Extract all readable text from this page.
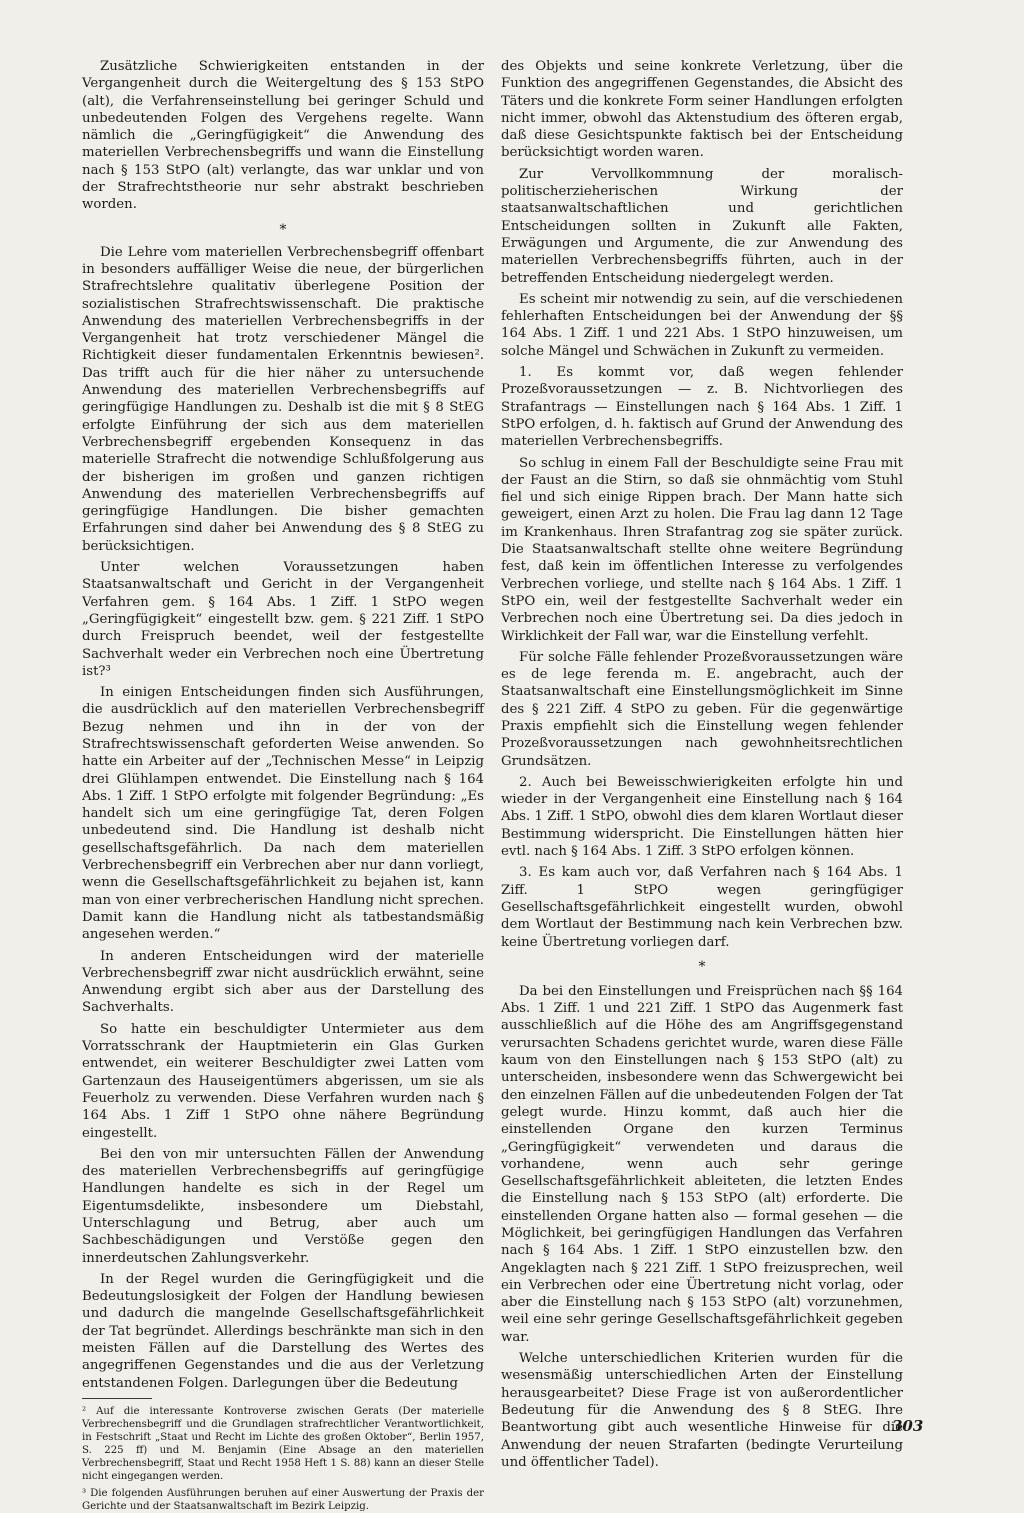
Zusätzliche Schwierigkeiten entstanden in der Vergangenheit durch die Weitergeltung des § 153 StPO (alt), die Verfahrenseinstellung bei geringer Schuld und unbedeutenden Folgen des Vergehens regelte. Wann nämlich die „Geringfügigkeit“ die Anwendung des materiellen Verbrechensbegriffs und wann die Einstellung nach § 153 StPO (alt) verlangte, das war unklar und von der Strafrechtstheorie nur sehr abstrakt beschrieben worden.

*

Die Lehre vom materiellen Verbrechensbegriff offenbart in besonders auffälliger Weise die neue, der bürgerlichen Strafrechtslehre qualitativ überlegene Position der sozialistischen Strafrechtswissenschaft. Die praktische Anwendung des materiellen Verbrechensbegriffs in der Vergangenheit hat trotz verschiedener Mängel die Richtigkeit dieser fundamentalen Erkenntnis bewiesen². Das trifft auch für die hier näher zu untersuchende Anwendung des materiellen Verbrechensbegriffs auf geringfügige Handlungen zu. Deshalb ist die mit § 8 StEG erfolgte Einführung der sich aus dem materiellen Verbrechensbegriff ergebenden Konsequenz in das materielle Strafrecht die notwendige Schlußfolgerung aus der bisherigen im großen und ganzen richtigen Anwendung des materiellen Verbrechensbegriffs auf geringfügige Handlungen. Die bisher gemachten Erfahrungen sind daher bei Anwendung des § 8 StEG zu berücksichtigen.

Unter welchen Voraussetzungen haben Staatsanwaltschaft und Gericht in der Vergangenheit Verfahren gem. § 164 Abs. 1 Ziff. 1 StPO wegen „Geringfügigkeit“ eingestellt bzw. gem. § 221 Ziff. 1 StPO durch Freispruch beendet, weil der festgestellte Sachverhalt weder ein Verbrechen noch eine Übertretung ist?³

In einigen Entscheidungen finden sich Ausführungen, die ausdrücklich auf den materiellen Verbrechensbegriff Bezug nehmen und ihn in der von der Strafrechtswissenschaft geforderten Weise anwenden. So hatte ein Arbeiter auf der „Technischen Messe“ in Leipzig drei Glühlampen entwendet. Die Einstellung nach § 164 Abs. 1 Ziff. 1 StPO erfolgte mit folgender Begründung: „Es handelt sich um eine geringfügige Tat, deren Folgen unbedeutend sind. Die Handlung ist deshalb nicht gesellschaftsgefährlich. Da nach dem materiellen Verbrechensbegriff ein Verbrechen aber nur dann vorliegt, wenn die Gesellschaftsgefährlichkeit zu bejahen ist, kann man von einer verbrecherischen Handlung nicht sprechen. Damit kann die Handlung nicht als tatbestandsmäßig angesehen werden.“

In anderen Entscheidungen wird der materielle Verbrechensbegriff zwar nicht ausdrücklich erwähnt, seine Anwendung ergibt sich aber aus der Darstellung des Sachverhalts.

So hatte ein beschuldigter Untermieter aus dem Vorratsschrank der Hauptmieterin ein Glas Gurken entwendet, ein weiterer Beschuldigter zwei Latten vom Gartenzaun des Hauseigentümers abgerissen, um sie als Feuerholz zu verwenden. Diese Verfahren wurden nach § 164 Abs. 1 Ziff 1 StPO ohne nähere Begründung eingestellt.

Bei den von mir untersuchten Fällen der Anwendung des materiellen Verbrechensbegriffs auf geringfügige Handlungen handelte es sich in der Regel um Eigentumsdelikte, insbesondere um Diebstahl, Unterschlagung und Betrug, aber auch um Sachbeschädigungen und Verstöße gegen den innerdeutschen Zahlungsverkehr.

In der Regel wurden die Geringfügigkeit und die Bedeutungslosigkeit der Folgen der Handlung bewiesen und dadurch die mangelnde Gesellschaftsgefährlichkeit der Tat begründet. Allerdings beschränkte man sich in den meisten Fällen auf die Darstellung des Wertes des angegriffenen Gegenstandes und die aus der Verletzung entstandenen Folgen. Darlegungen über die Bedeutung

² Auf die interessante Kontroverse zwischen Gerats (Der materielle Verbrechensbegriff und die Grundlagen strafrechtlicher Verantwortlichkeit, in Festschrift „Staat und Recht im Lichte des großen Oktober“, Berlin 1957, S. 225 ff) und M. Benjamin (Eine Absage an den materiellen Verbrechensbegriff, Staat und Recht 1958 Heft 1 S. 88) kann an dieser Stelle nicht eingegangen werden.

³ Die folgenden Ausführungen beruhen auf einer Auswertung der Praxis der Gerichte und der Staatsanwaltschaft im Bezirk Leipzig.

des Objekts und seine konkrete Verletzung, über die Funktion des angegriffenen Gegenstandes, die Absicht des Täters und die konkrete Form seiner Handlungen erfolgten nicht immer, obwohl das Aktenstudium des öfteren ergab, daß diese Gesichtspunkte faktisch bei der Entscheidung berücksichtigt worden waren.

Zur Vervollkommnung der moralisch-politischerzieherischen Wirkung der staatsanwaltschaftlichen und gerichtlichen Entscheidungen sollten in Zukunft alle Fakten, Erwägungen und Argumente, die zur Anwendung des materiellen Verbrechensbegriffs führten, auch in der betreffenden Entscheidung niedergelegt werden.

Es scheint mir notwendig zu sein, auf die verschiedenen fehlerhaften Entscheidungen bei der Anwendung der §§ 164 Abs. 1 Ziff. 1 und 221 Abs. 1 StPO hinzuweisen, um solche Mängel und Schwächen in Zukunft zu vermeiden.

1. Es kommt vor, daß wegen fehlender Prozeßvoraussetzungen — z. B. Nichtvorliegen des Strafantrags — Einstellungen nach § 164 Abs. 1 Ziff. 1 StPO erfolgen, d. h. faktisch auf Grund der Anwendung des materiellen Verbrechensbegriffs.

So schlug in einem Fall der Beschuldigte seine Frau mit der Faust an die Stirn, so daß sie ohnmächtig vom Stuhl fiel und sich einige Rippen brach. Der Mann hatte sich geweigert, einen Arzt zu holen. Die Frau lag dann 12 Tage im Krankenhaus. Ihren Strafantrag zog sie später zurück. Die Staatsanwaltschaft stellte ohne weitere Begründung fest, daß kein im öffentlichen Interesse zu verfolgendes Verbrechen vorliege, und stellte nach § 164 Abs. 1 Ziff. 1 StPO ein, weil der festgestellte Sachverhalt weder ein Verbrechen noch eine Übertretung sei. Da dies jedoch in Wirklichkeit der Fall war, war die Einstellung verfehlt.

Für solche Fälle fehlender Prozeßvoraussetzungen wäre es de lege ferenda m. E. angebracht, auch der Staatsanwaltschaft eine Einstellungsmöglichkeit im Sinne des § 221 Ziff. 4 StPO zu geben. Für die gegenwärtige Praxis empfiehlt sich die Einstellung wegen fehlender Prozeßvoraussetzungen nach gewohnheitsrechtlichen Grundsätzen.

2. Auch bei Beweisschwierigkeiten erfolgte hin und wieder in der Vergangenheit eine Einstellung nach § 164 Abs. 1 Ziff. 1 StPO, obwohl dies dem klaren Wortlaut dieser Bestimmung widerspricht. Die Einstellungen hätten hier evtl. nach § 164 Abs. 1 Ziff. 3 StPO erfolgen können.

3. Es kam auch vor, daß Verfahren nach § 164 Abs. 1 Ziff. 1 StPO wegen geringfügiger Gesellschaftsgefährlichkeit eingestellt wurden, obwohl dem Wortlaut der Bestimmung nach kein Verbrechen bzw. keine Übertretung vorliegen darf.

*

Da bei den Einstellungen und Freisprüchen nach §§ 164 Abs. 1 Ziff. 1 und 221 Ziff. 1 StPO das Augenmerk fast ausschließlich auf die Höhe des am Angriffsgegenstand verursachten Schadens gerichtet wurde, waren diese Fälle kaum von den Einstellungen nach § 153 StPO (alt) zu unterscheiden, insbesondere wenn das Schwergewicht bei den einzelnen Fällen auf die unbedeutenden Folgen der Tat gelegt wurde. Hinzu kommt, daß auch hier die einstellenden Organe den kurzen Terminus „Geringfügigkeit“ verwendeten und daraus die vorhandene, wenn auch sehr geringe Gesellschaftsgefährlichkeit ableiteten, die letzten Endes die Einstellung nach § 153 StPO (alt) erforderte. Die einstellenden Organe hatten also — formal gesehen — die Möglichkeit, bei geringfügigen Handlungen das Verfahren nach § 164 Abs. 1 Ziff. 1 StPO einzustellen bzw. den Angeklagten nach § 221 Ziff. 1 StPO freizusprechen, weil ein Verbrechen oder eine Übertretung nicht vorlag, oder aber die Einstellung nach § 153 StPO (alt) vorzunehmen, weil eine sehr geringe Gesellschaftsgefährlichkeit gegeben war.

Welche unterschiedlichen Kriterien wurden für die wesensmäßig unterschiedlichen Arten der Einstellung herausgearbeitet? Diese Frage ist von außerordentlicher Bedeutung für die Anwendung des § 8 StEG. Ihre Beantwortung gibt auch wesentliche Hinweise für die Anwendung der neuen Strafarten (bedingte Verurteilung und öffentlicher Tadel).

303
